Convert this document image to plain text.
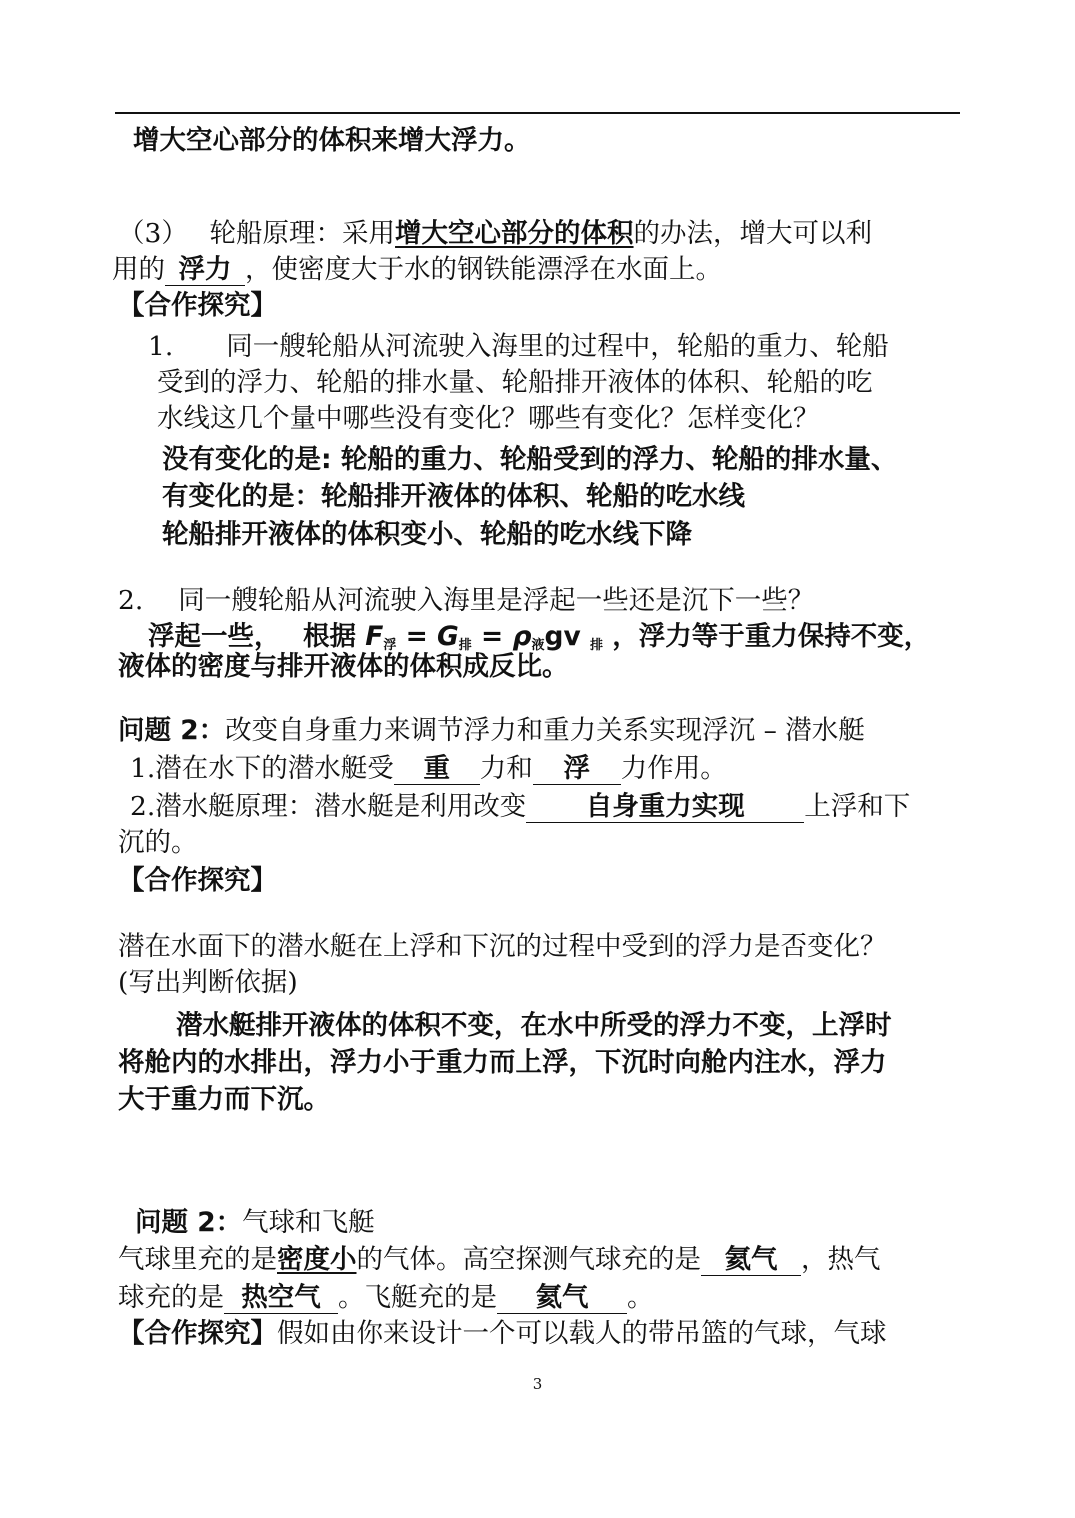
增大空心部分的体积来增大浮力。
（3）　 轮船原理：采用增大空心部分的体积的办法，增大可以利
用的 浮力 ，使密度大于水的钢铁能漂浮在水面上。
【合作探究】
1.　　同一艘轮船从河流驶入海里的过程中，轮船的重力、轮船
受到的浮力、轮船的排水量、轮船排开液体的体积、轮船的吃
水线这几个量中哪些没有变化？哪些有变化？怎样变化？
没有变化的是: 轮船的重力、轮船受到的浮力、轮船的排水量、
有变化的是：轮船排开液体的体积、轮船的吃水线
轮船排开液体的体积变小、轮船的吃水线下降
2.　 同一艘轮船从河流驶入海里是浮起一些还是沉下一些？
浮起一些，　 根据 $F_浮 = G_排 = \rho_液gv$ $_排$ ，浮力等于重力保持不变，
液体的密度与排开液体的体积成反比。
问题 2：改变自身重力来调节浮力和重力关系实现浮沉 – 潜水艇
1.潜在水下的潜水艇受 重 力和 浮 力作用。
2.潜水艇原理：潜水艇是利用改变 自身重力实现 上浮和下
沉的。
【合作探究】
潜在水面下的潜水艇在上浮和下沉的过程中受到的浮力是否变化？
(写出判断依据)
潜水艇排开液体的体积不变，在水中所受的浮力不变，上浮时
将舱内的水排出，浮力小于重力而上浮，下沉时向舱内注水，浮力
大于重力而下沉。
问题 2：气球和飞艇
气球里充的是密度小的气体。高空探测气球充的是 氦气 ，热气
球充的是 热空气 。飞艇充的是 氦气 。
【合作探究】假如由你来设计一个可以载人的带吊篮的气球，气球
3
